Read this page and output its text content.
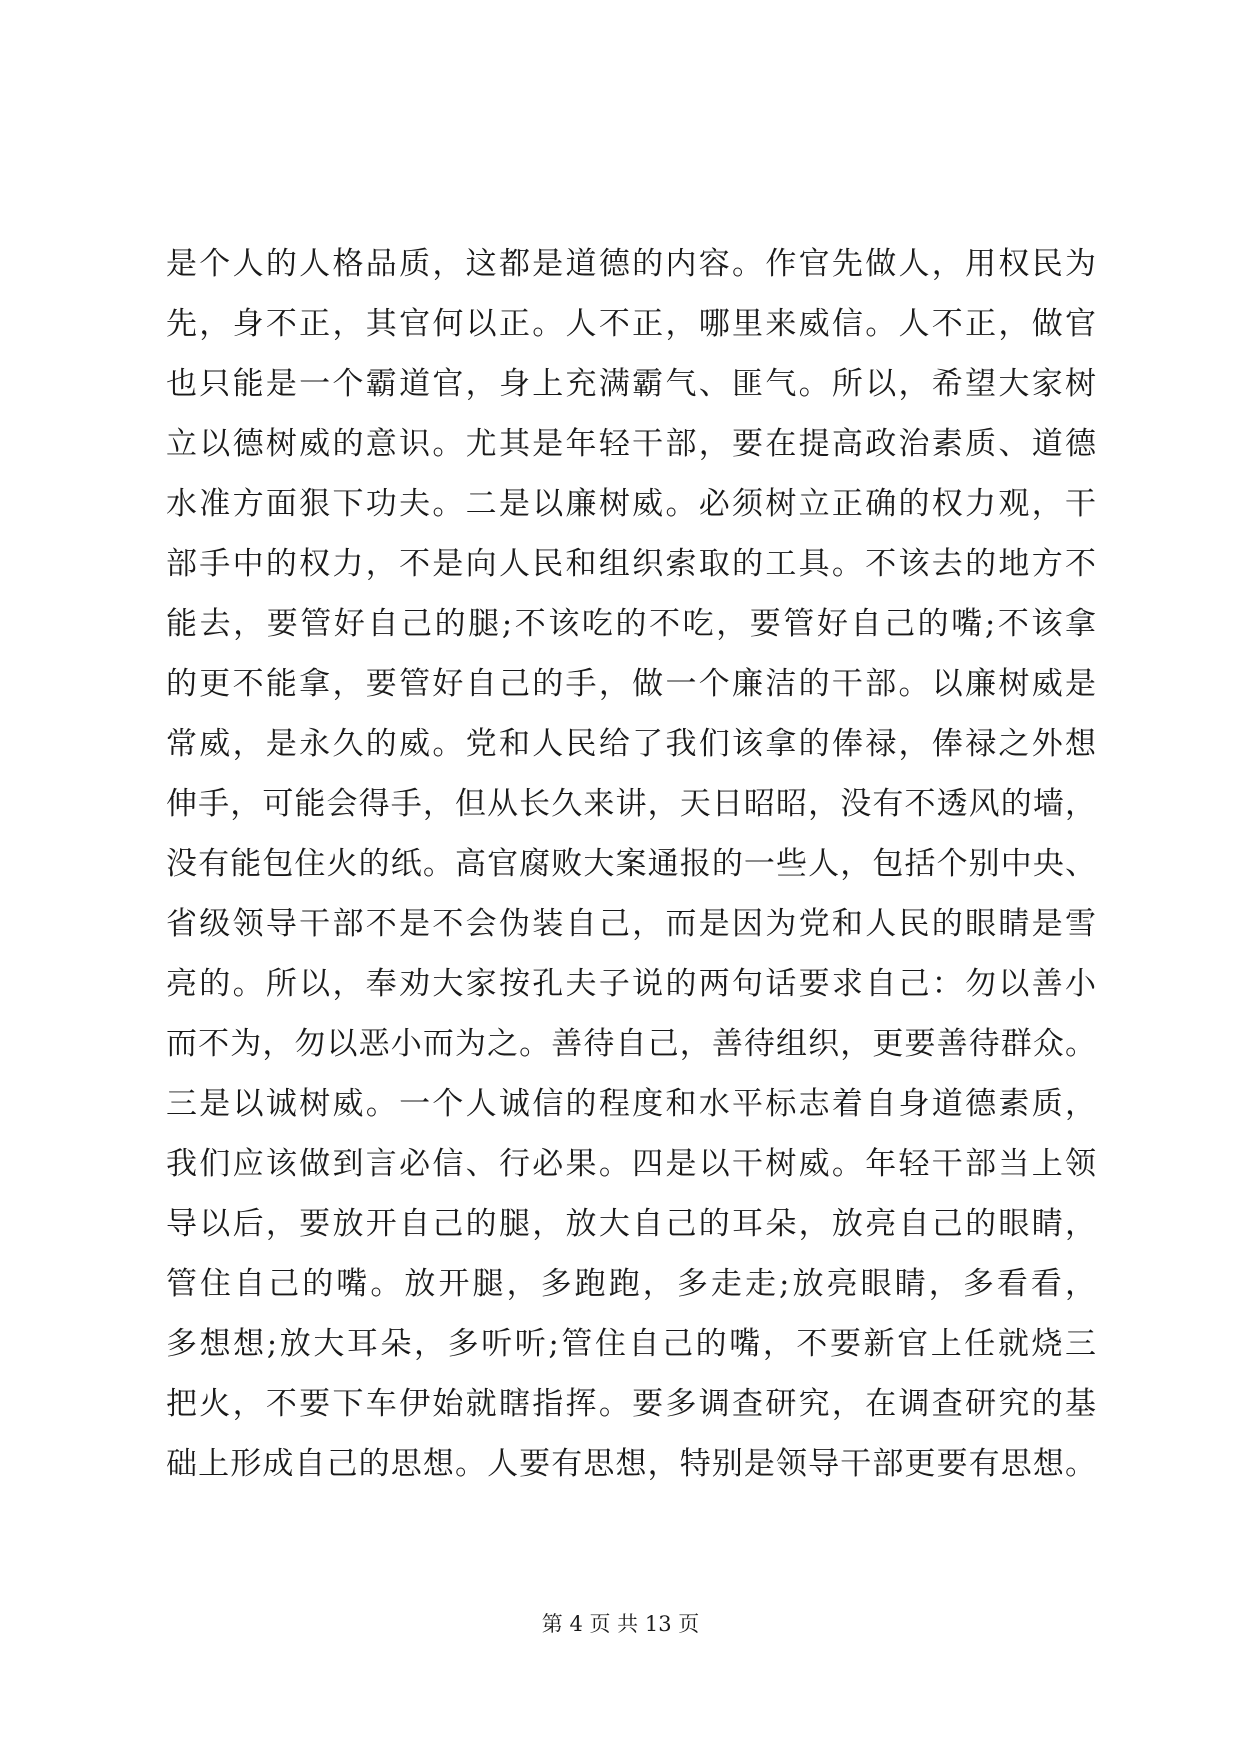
是个人的人格品质，这都是道德的内容。作官先做人，用权民为
先，身不正，其官何以正。人不正，哪里来威信。人不正，做官
也只能是一个霸道官，身上充满霸气、匪气。所以，希望大家树
立以德树威的意识。尤其是年轻干部，要在提高政治素质、道德
水准方面狠下功夫。二是以廉树威。必须树立正确的权力观，干
部手中的权力，不是向人民和组织索取的工具。不该去的地方不
能去，要管好自己的腿;不该吃的不吃，要管好自己的嘴;不该拿
的更不能拿，要管好自己的手，做一个廉洁的干部。以廉树威是
常威，是永久的威。党和人民给了我们该拿的俸禄，俸禄之外想
伸手，可能会得手，但从长久来讲，天日昭昭，没有不透风的墙，
没有能包住火的纸。高官腐败大案通报的一些人，包括个别中央、
省级领导干部不是不会伪装自己，而是因为党和人民的眼睛是雪
亮的。所以，奉劝大家按孔夫子说的两句话要求自己：勿以善小
而不为，勿以恶小而为之。善待自己，善待组织，更要善待群众。
三是以诚树威。一个人诚信的程度和水平标志着自身道德素质，
我们应该做到言必信、行必果。四是以干树威。年轻干部当上领
导以后，要放开自己的腿，放大自己的耳朵，放亮自己的眼睛，
管住自己的嘴。放开腿，多跑跑，多走走;放亮眼睛，多看看，
多想想;放大耳朵，多听听;管住自己的嘴，不要新官上任就烧三
把火，不要下车伊始就瞎指挥。要多调查研究，在调查研究的基
础上形成自己的思想。人要有思想，特别是领导干部更要有思想。
第 4 页 共 13 页
